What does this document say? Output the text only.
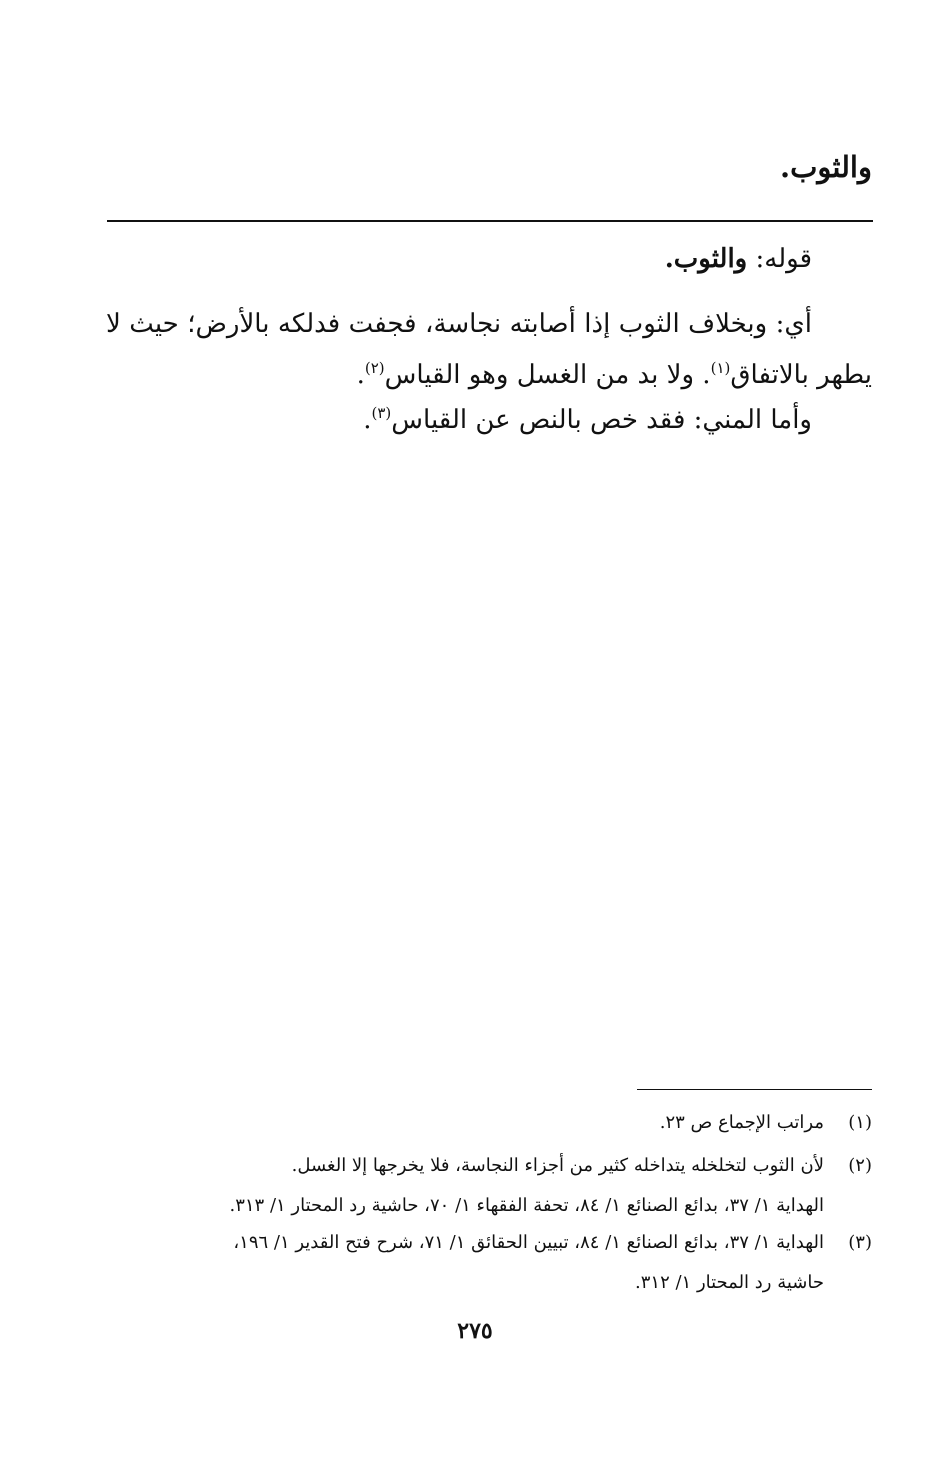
والثوب.
قوله: والثوب.
أي: وبخلاف الثوب إذا أصابته نجاسة، فجفت فدلكه بالأرض؛ حيث لا يطهر بالاتفاق$^{(١)}$. ولا بد من الغسل وهو القياس$^{(٢)}$.
وأما المني: فقد خص بالنص عن القياس$^{(٣)}$.
(١)
مراتب الإجماع ص ٢٣.
(٢)
لأن الثوب لتخلخله يتداخله كثير من أجزاء النجاسة، فلا يخرجها إلا الغسل.
الهداية ١/ ٣٧، بدائع الصنائع ١/ ٨٤، تحفة الفقهاء ١/ ٧٠، حاشية رد المحتار ١/ ٣١٣.
(٣)
الهداية ١/ ٣٧، بدائع الصنائع ١/ ٨٤، تبيين الحقائق ١/ ٧١، شرح فتح القدير ١/ ١٩٦،
حاشية رد المحتار ١/ ٣١٢.
٢٧٥
